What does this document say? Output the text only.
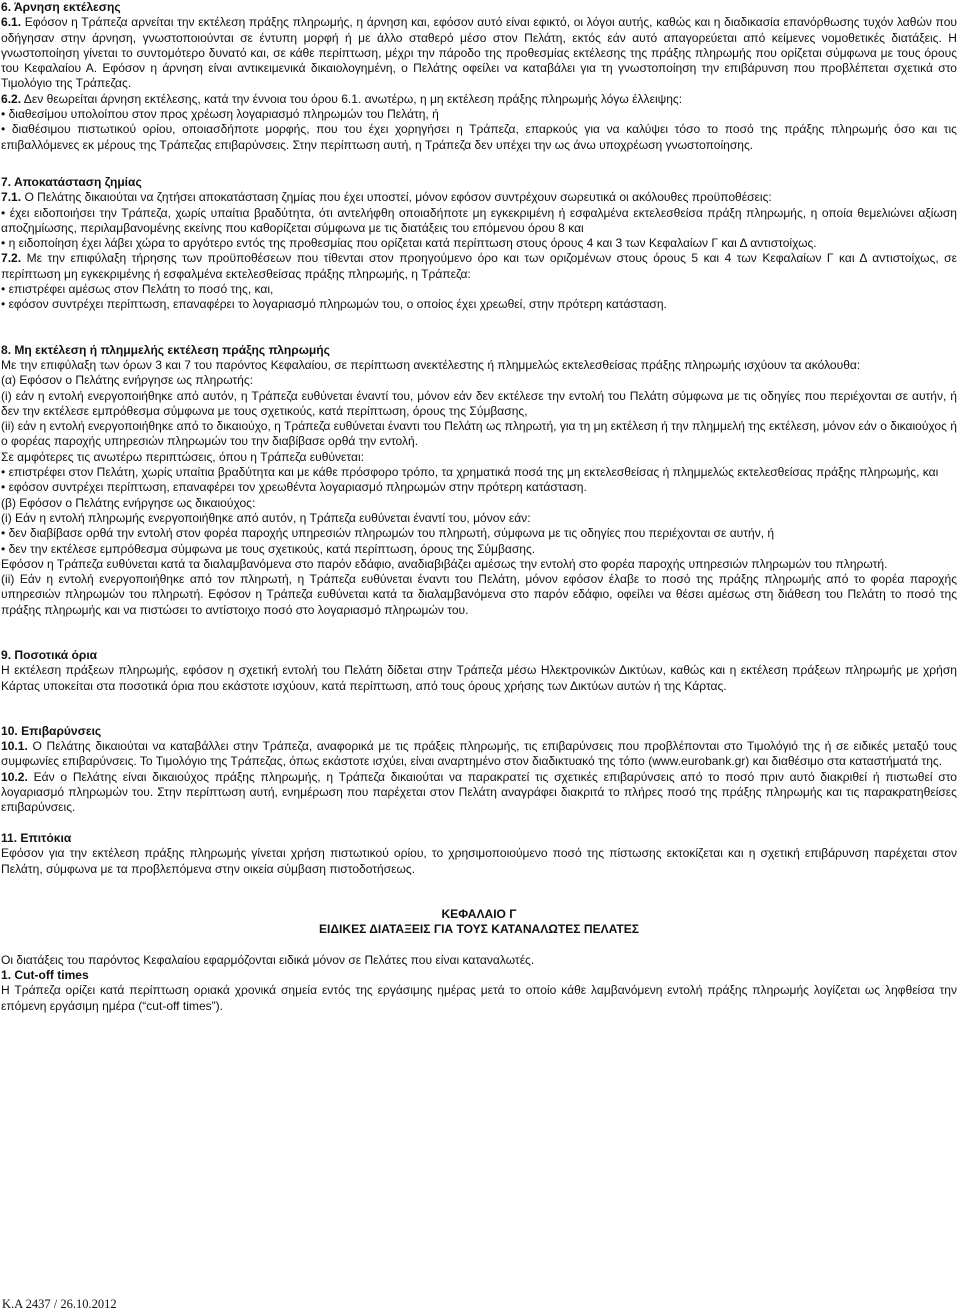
6. Άρνηση εκτέλεσης

6.1. Εφόσον η Τράπεζα αρνείται την εκτέλεση πράξης πληρωμής, η άρνηση και, εφόσον αυτό είναι εφικτό, οι λόγοι αυτής, καθώς και η διαδικασία επανόρθωσης τυχόν λαθών που οδήγησαν στην άρνηση, γνωστοποιούνται σε έντυπη μορφή ή με άλλο σταθερό μέσο στον Πελάτη, εκτός εάν αυτό απαγορεύεται από κείμενες νομοθετικές διατάξεις. Η γνωστοποίηση γίνεται το συντομότερο δυνατό και, σε κάθε περίπτωση, μέχρι την πάροδο της προθεσμίας εκτέλεσης της πράξης πληρωμής που ορίζεται σύμφωνα με τους όρους του Κεφαλαίου Α. Εφόσον η άρνηση είναι αντικειμενικά δικαιολογημένη, ο Πελάτης οφείλει να καταβάλει για τη γνωστοποίηση την επιβάρυνση που προβλέπεται σχετικά στο Τιμολόγιο της Τράπεζας.

6.2. Δεν θεωρείται άρνηση εκτέλεσης, κατά την έννοια του όρου 6.1. ανωτέρω, η μη εκτέλεση πράξης πληρωμής λόγω έλλειψης:

• διαθεσίμου υπολοίπου στον προς χρέωση λογαριασμό πληρωμών του Πελάτη, ή

• διαθέσιμου πιστωτικού ορίου, οποιασδήποτε μορφής, που του έχει χορηγήσει η Τράπεζα, επαρκούς για να καλύψει τόσο το ποσό της πράξης πληρωμής όσο και τις επιβαλλόμενες εκ μέρους της Τράπεζας επιβαρύνσεις. Στην περίπτωση αυτή, η Τράπεζα δεν υπέχει την ως άνω υποχρέωση γνωστοποίησης.

7. Αποκατάσταση ζημίας

7.1. Ο Πελάτης δικαιούται να ζητήσει αποκατάσταση ζημίας που έχει υποστεί, μόνον εφόσον συντρέχουν σωρευτικά οι ακόλουθες προϋποθέσεις:

• έχει ειδοποιήσει την Τράπεζα, χωρίς υπαίτια βραδύτητα, ότι αντελήφθη οποιαδήποτε μη εγκεκριμένη ή εσφαλμένα εκτελεσθείσα πράξη πληρωμής, η οποία θεμελιώνει αξίωση αποζημίωσης, περιλαμβανομένης εκείνης που καθορίζεται σύμφωνα με τις διατάξεις του επόμενου όρου 8 και

• η ειδοποίηση έχει λάβει χώρα το αργότερο εντός της προθεσμίας που ορίζεται κατά περίπτωση στους όρους 4 και 3 των Κεφαλαίων Γ και Δ αντιστοίχως.

7.2. Με την επιφύλαξη τήρησης των προϋποθέσεων που τίθενται στον προηγούμενο όρο και των οριζομένων στους όρους 5 και 4 των Κεφαλαίων Γ και Δ αντιστοίχως, σε περίπτωση μη εγκεκριμένης ή εσφαλμένα εκτελεσθείσας πράξης πληρωμής, η Τράπεζα:

• επιστρέφει αμέσως στον Πελάτη το ποσό της, και,

• εφόσον συντρέχει περίπτωση, επαναφέρει το λογαριασμό πληρωμών του, ο οποίος έχει χρεωθεί, στην πρότερη κατάσταση.

8. Μη εκτέλεση ή πλημμελής εκτέλεση πράξης πληρωμής

Με την επιφύλαξη των όρων 3 και 7 του παρόντος Κεφαλαίου, σε περίπτωση ανεκτέλεστης ή πλημμελώς εκτελεσθείσας πράξης πληρωμής ισχύουν τα ακόλουθα:

(α) Εφόσον ο Πελάτης ενήργησε ως πληρωτής:

(i) εάν η εντολή ενεργοποιήθηκε από αυτόν, η Τράπεζα ευθύνεται έναντί του, μόνον εάν δεν εκτέλεσε την εντολή του Πελάτη σύμφωνα με τις οδηγίες που περιέχονται σε αυτήν, ή δεν την εκτέλεσε εμπρόθεσμα σύμφωνα με τους σχετικούς, κατά περίπτωση, όρους της Σύμβασης,

(ii) εάν η εντολή ενεργοποιήθηκε από το δικαιούχο, η Τράπεζα ευθύνεται έναντι του Πελάτη ως πληρωτή, για τη μη εκτέλεση ή την πλημμελή της εκτέλεση, μόνον εάν ο δικαιούχος ή ο φορέας παροχής υπηρεσιών πληρωμών του την διαβίβασε ορθά την εντολή.

Σε αμφότερες τις ανωτέρω περιπτώσεις, όπου η Τράπεζα ευθύνεται:

• επιστρέφει στον Πελάτη, χωρίς υπαίτια βραδύτητα και με κάθε πρόσφορο τρόπο, τα χρηματικά ποσά της μη εκτελεσθείσας ή πλημμελώς εκτελεσθείσας πράξης πληρωμής, και

• εφόσον συντρέχει περίπτωση, επαναφέρει τον χρεωθέντα λογαριασμό πληρωμών στην πρότερη κατάσταση.

(β) Εφόσον ο Πελάτης ενήργησε ως δικαιούχος:

(i) Εάν η εντολή πληρωμής ενεργοποιήθηκε από αυτόν, η Τράπεζα ευθύνεται έναντί του, μόνον εάν:

• δεν διαβίβασε ορθά την εντολή στον φορέα παροχής υπηρεσιών πληρωμών του πληρωτή, σύμφωνα με τις οδηγίες που περιέχονται σε αυτήν, ή

• δεν την εκτέλεσε εμπρόθεσμα σύμφωνα με τους σχετικούς, κατά περίπτωση, όρους της Σύμβασης.

Εφόσον η Τράπεζα ευθύνεται κατά τα διαλαμβανόμενα στο παρόν εδάφιο, αναδιαβιβάζει αμέσως την εντολή στο φορέα παροχής υπηρεσιών πληρωμών του πληρωτή.

(ii) Εάν η εντολή ενεργοποιήθηκε από τον πληρωτή, η Τράπεζα ευθύνεται έναντι του Πελάτη, μόνον εφόσον έλαβε το ποσό της πράξης πληρωμής από το φορέα παροχής υπηρεσιών πληρωμών του πληρωτή. Εφόσον η Τράπεζα ευθύνεται κατά τα διαλαμβανόμενα στο παρόν εδάφιο, οφείλει να θέσει αμέσως στη διάθεση του Πελάτη το ποσό της πράξης πληρωμής και να πιστώσει το αντίστοιχο ποσό στο λογαριασμό πληρωμών του.

9. Ποσοτικά όρια

Η εκτέλεση πράξεων πληρωμής, εφόσον η σχετική εντολή του Πελάτη δίδεται στην Τράπεζα μέσω Ηλεκτρονικών Δικτύων, καθώς και η εκτέλεση πράξεων πληρωμής με χρήση Κάρτας υποκείται στα ποσοτικά όρια που εκάστοτε ισχύουν, κατά περίπτωση, από τους όρους χρήσης των Δικτύων αυτών ή της Κάρτας.

10. Επιβαρύνσεις

10.1. Ο Πελάτης δικαιούται να καταβάλλει στην Τράπεζα, αναφορικά με τις πράξεις πληρωμής, τις επιβαρύνσεις που προβλέπονται στο Τιμολόγιό της ή σε ειδικές μεταξύ τους συμφωνίες επιβαρύνσεις. Το Τιμολόγιο της Τράπεζας, όπως εκάστοτε ισχύει, είναι αναρτημένο στον διαδικτυακό της τόπο (www.eurobank.gr) και διαθέσιμο στα καταστήματά της.

10.2. Εάν ο Πελάτης είναι δικαιούχος πράξης πληρωμής, η Τράπεζα δικαιούται να παρακρατεί τις σχετικές επιβαρύνσεις από το ποσό πριν αυτό διακριθεί ή πιστωθεί στο λογαριασμό πληρωμών του. Στην περίπτωση αυτή, ενημέρωση που παρέχεται στον Πελάτη αναγράφει διακριτά το πλήρες ποσό της πράξης πληρωμής και τις παρακρατηθείσες επιβαρύνσεις.

11. Επιτόκια

Εφόσον για την εκτέλεση πράξης πληρωμής γίνεται χρήση πιστωτικού ορίου, το χρησιμοποιούμενο ποσό της πίστωσης εκτοκίζεται και η σχετική επιβάρυνση παρέχεται στον Πελάτη, σύμφωνα με τα προβλεπόμενα στην οικεία σύμβαση πιστοδοτήσεως.

ΚΕΦΑΛΑΙΟ Γ

ΕΙΔΙΚΕΣ ΔΙΑΤΑΞΕΙΣ ΓΙΑ ΤΟΥΣ ΚΑΤΑΝΑΛΩΤΕΣ ΠΕΛΑΤΕΣ

Οι διατάξεις του παρόντος Κεφαλαίου εφαρμόζονται ειδικά μόνον σε Πελάτες που είναι καταναλωτές.

1. Cut-off times

Η Τράπεζα ορίζει κατά περίπτωση οριακά χρονικά σημεία εντός της εργάσιμης ημέρας μετά το οποίο κάθε λαμβανόμενη εντολή πράξης πληρωμής λογίζεται ως ληφθείσα την επόμενη εργάσιμη ημέρα (“cut-off times”).

Κ.Α 2437 / 26.10.2012
